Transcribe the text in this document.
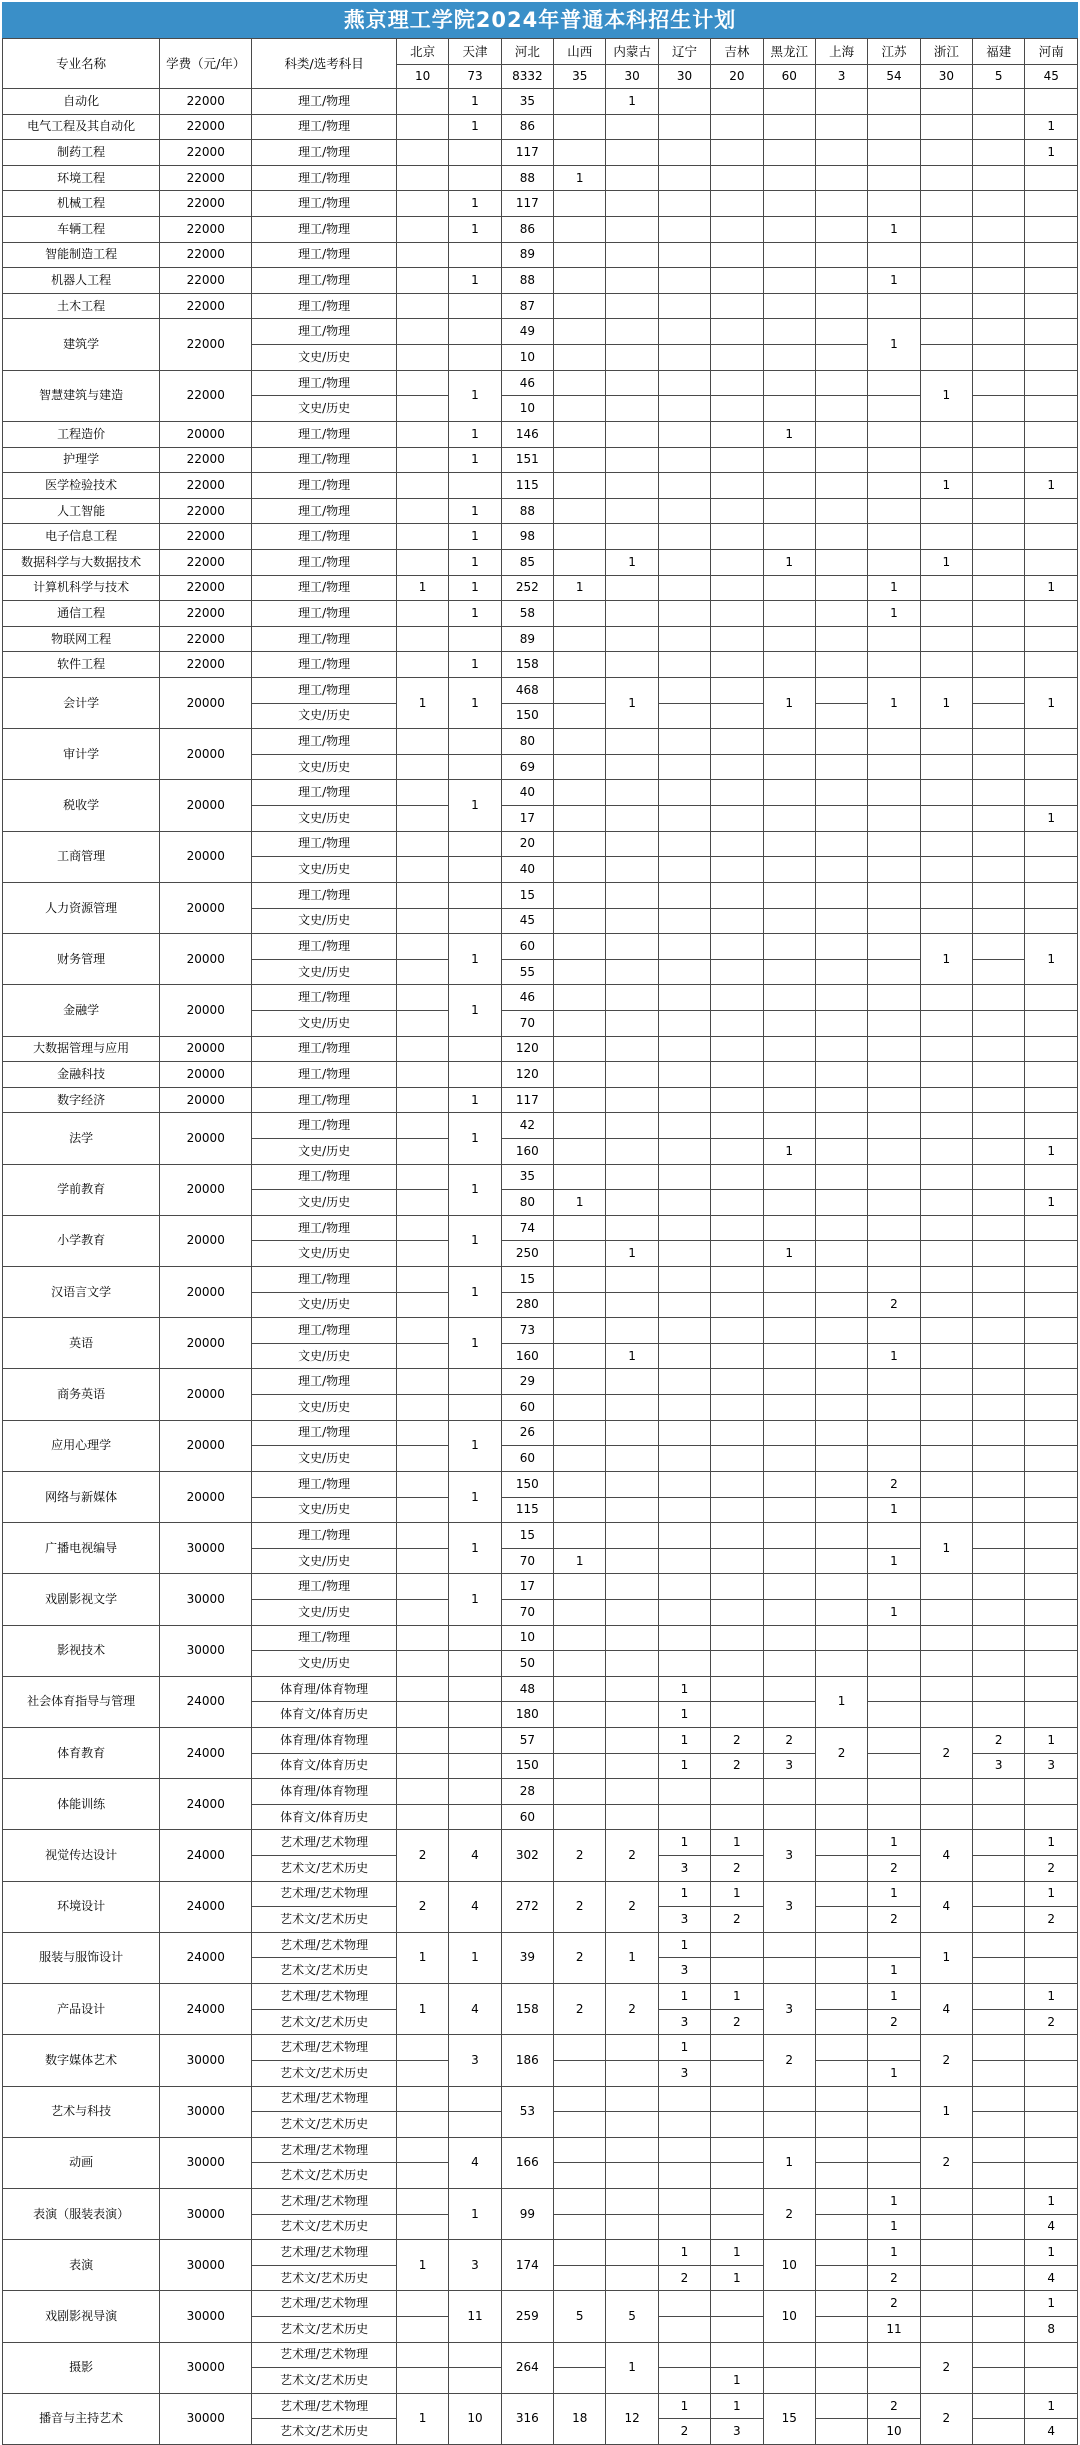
燕京理工学院2024年普通本科招生计划
专业名称	学费（元/年）	科类/选考科目	北京	天津	河北	山西	内蒙古	辽宁	吉林	黑龙江	上海	江苏	浙江	福建	河南
			10	73	8332	35	30	30	20	60	3	54	30	5	45
自动化	22000	理工/物理		1	35		1								
电气工程及其自动化	22000	理工/物理		1	86										1
制药工程	22000	理工/物理			117										1
环境工程	22000	理工/物理			88	1									
机械工程	22000	理工/物理		1	117										
车辆工程	22000	理工/物理		1	86							1			
智能制造工程	22000	理工/物理			89										
机器人工程	22000	理工/物理		1	88							1			
土木工程	22000	理工/物理			87										
建筑学	22000	理工/物理			49							1			
		文史/历史			10										
智慧建筑与建造	22000	理工/物理		1	46								1		
		文史/历史			10										
工程造价	20000	理工/物理		1	146					1					
护理学	22000	理工/物理		1	151										
医学检验技术	22000	理工/物理			115								1		1
人工智能	22000	理工/物理		1	88										
电子信息工程	22000	理工/物理		1	98										
数据科学与大数据技术	22000	理工/物理		1	85		1			1			1		
计算机科学与技术	22000	理工/物理	1	1	252	1						1			1
通信工程	22000	理工/物理		1	58							1			
物联网工程	22000	理工/物理			89										
软件工程	22000	理工/物理		1	158										
会计学	20000	理工/物理	1	1	468		1			1		1	1		1
		文史/历史			150										
审计学	20000	理工/物理			80										
		文史/历史			69										
税收学	20000	理工/物理		1	40										
		文史/历史			17										1
工商管理	20000	理工/物理			20										
		文史/历史			40										
人力资源管理	20000	理工/物理			15										
		文史/历史			45										
财务管理	20000	理工/物理		1	60								1		1
		文史/历史			55										
金融学	20000	理工/物理		1	46										
		文史/历史			70										
大数据管理与应用	20000	理工/物理			120										
金融科技	20000	理工/物理			120										
数字经济	20000	理工/物理		1	117										
法学	20000	理工/物理		1	42										
		文史/历史			160					1					1
学前教育	20000	理工/物理		1	35										
		文史/历史			80	1									1
小学教育	20000	理工/物理		1	74										
		文史/历史			250		1			1					
汉语言文学	20000	理工/物理		1	15										
		文史/历史			280							2			
英语	20000	理工/物理		1	73										
		文史/历史			160		1					1			
商务英语	20000	理工/物理			29										
		文史/历史			60										
应用心理学	20000	理工/物理		1	26										
		文史/历史			60										
网络与新媒体	20000	理工/物理		1	150							2			
		文史/历史			115							1			
广播电视编导	30000	理工/物理		1	15								1		
		文史/历史			70	1						1			
戏剧影视文学	30000	理工/物理		1	17										
		文史/历史			70							1			
影视技术	30000	理工/物理			10										
		文史/历史			50										
社会体育指导与管理	24000	体育理/体育物理			48			1			1				
		体育文/体育历史			180			1							
体育教育	24000	体育理/体育物理			57			1	2	2	2		2	2	1
		体育文/体育历史			150			1	2	3				3	3
体能训练	24000	体育理/体育物理			28										
		体育文/体育历史			60										
视觉传达设计	24000	艺术理/艺术物理	2	4	302	2	2	1	1	3		1	4		1
		艺术文/艺术历史						3	2			2			2
环境设计	24000	艺术理/艺术物理	2	4	272	2	2	1	1	3		1	4		1
		艺术文/艺术历史						3	2			2			2
服装与服饰设计	24000	艺术理/艺术物理	1	1	39	2	1	1					1		
		艺术文/艺术历史						3				1			
产品设计	24000	艺术理/艺术物理	1	4	158	2	2	1	1	3		1	4		1
		艺术文/艺术历史						3	2			2			2
数字媒体艺术	30000	艺术理/艺术物理		3	186			1		2			2		
		艺术文/艺术历史						3				1			
艺术与科技	30000	艺术理/艺术物理			53								1		
		艺术文/艺术历史													
动画	30000	艺术理/艺术物理		4	166					1			2		
		艺术文/艺术历史													
表演（服装表演）	30000	艺术理/艺术物理		1	99					2		1			1
		艺术文/艺术历史										1			4
表演	30000	艺术理/艺术物理	1	3	174			1	1	10		1			1
		艺术文/艺术历史						2	1			2			4
戏剧影视导演	30000	艺术理/艺术物理		11	259	5	5			10		2			1
		艺术文/艺术历史										11			8
摄影	30000	艺术理/艺术物理			264		1						2		
		艺术文/艺术历史							1						
播音与主持艺术	30000	艺术理/艺术物理	1	10	316	18	12	1	1	15		2	2		1
		艺术文/艺术历史						2	3			10			4
